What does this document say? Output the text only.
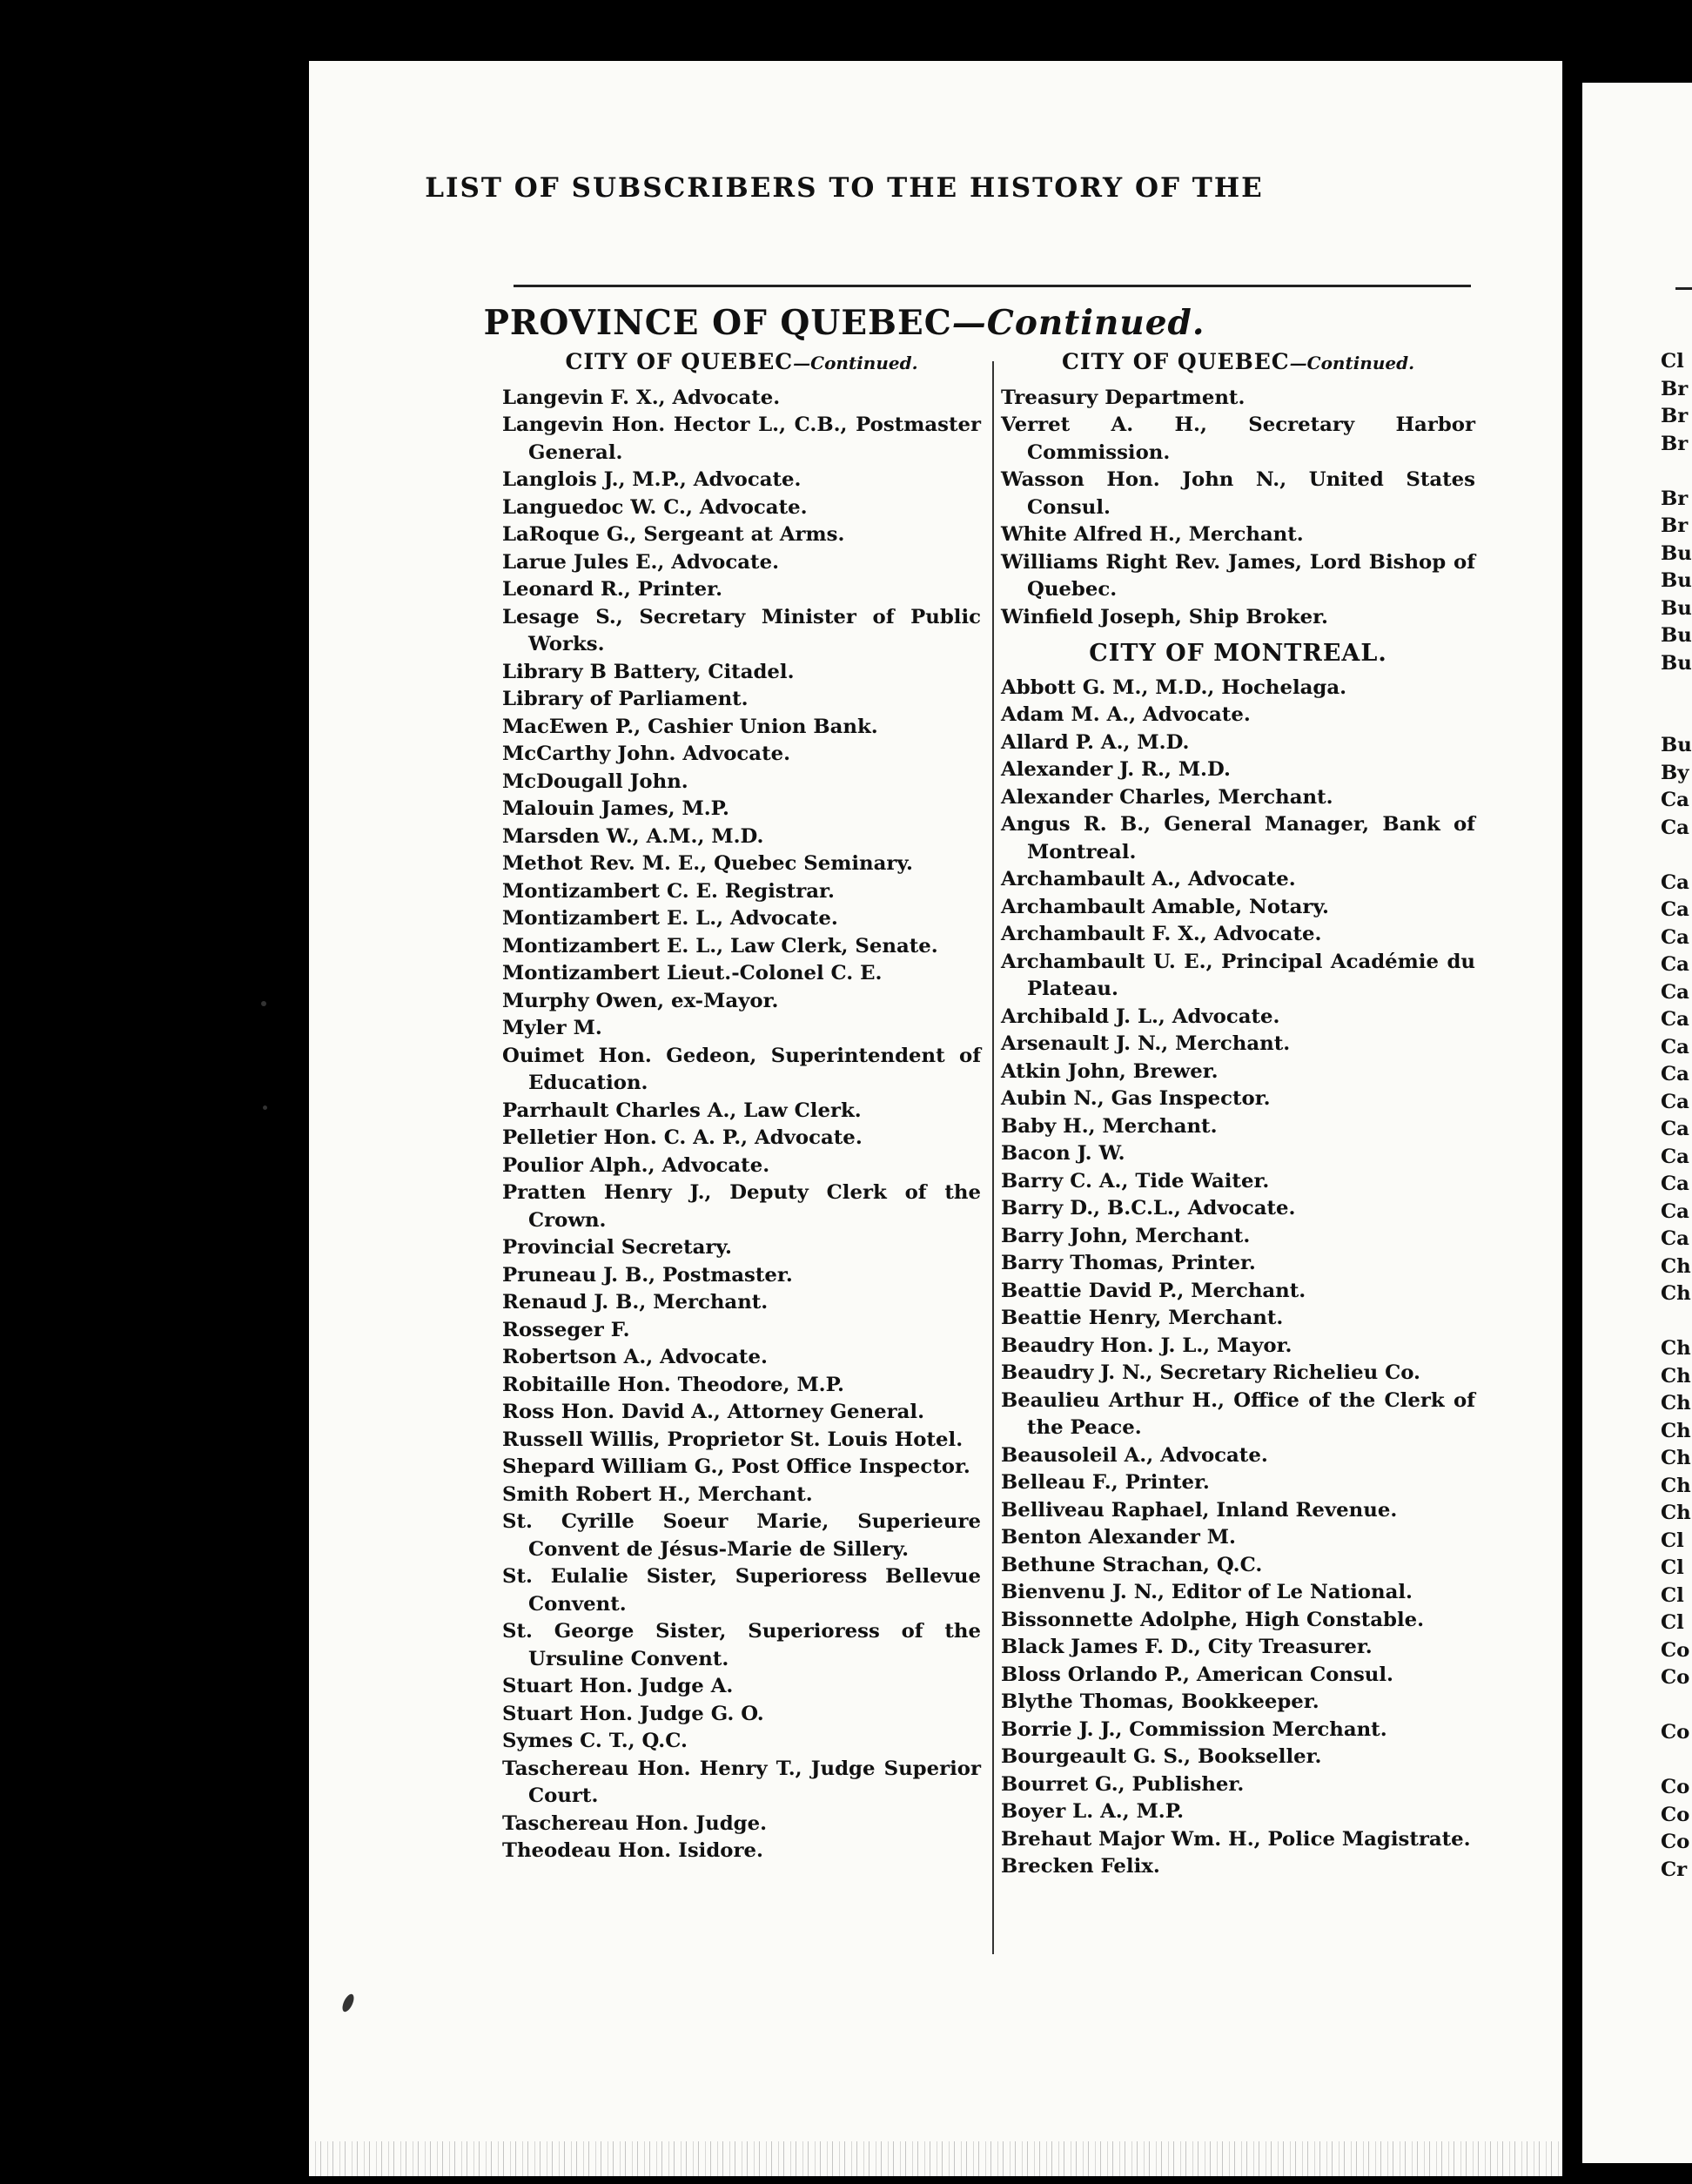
LIST OF SUBSCRIBERS TO THE HISTORY OF THE
PROVINCE OF QUEBEC—Continued.
CITY OF QUEBEC—Continued.
Langevin F. X., Advocate.
Langevin Hon. Hector L., C.B., Postmaster General.
Langlois J., M.P., Advocate.
Languedoc W. C., Advocate.
LaRoque G., Sergeant at Arms.
Larue Jules E., Advocate.
Leonard R., Printer.
Lesage S., Secretary Minister of Public Works.
Library B Battery, Citadel.
Library of Parliament.
MacEwen P., Cashier Union Bank.
McCarthy John. Advocate.
McDougall John.
Malouin James, M.P.
Marsden W., A.M., M.D.
Methot Rev. M. E., Quebec Seminary.
Montizambert C. E. Registrar.
Montizambert E. L., Advocate.
Montizambert E. L., Law Clerk, Senate.
Montizambert Lieut.-Colonel C. E.
Murphy Owen, ex-Mayor.
Myler M.
Ouimet Hon. Gedeon, Superintendent of Education.
Parrhault Charles A., Law Clerk.
Pelletier Hon. C. A. P., Advocate.
Poulior Alph., Advocate.
Pratten Henry J., Deputy Clerk of the Crown.
Provincial Secretary.
Pruneau J. B., Postmaster.
Renaud J. B., Merchant.
Rosseger F.
Robertson A., Advocate.
Robitaille Hon. Theodore, M.P.
Ross Hon. David A., Attorney General.
Russell Willis, Proprietor St. Louis Hotel.
Shepard William G., Post Office Inspector.
Smith Robert H., Merchant.
St. Cyrille Soeur Marie, Superieure Convent de Jésus-Marie de Sillery.
St. Eulalie Sister, Superioress Bellevue Convent.
St. George Sister, Superioress of the Ursuline Convent.
Stuart Hon. Judge A.
Stuart Hon. Judge G. O.
Symes C. T., Q.C.
Taschereau Hon. Henry T., Judge Superior Court.
Taschereau Hon. Judge.
Theodeau Hon. Isidore.
CITY OF QUEBEC—Continued.
Treasury Department.
Verret A. H., Secretary Harbor Commission.
Wasson Hon. John N., United States Consul.
White Alfred H., Merchant.
Williams Right Rev. James, Lord Bishop of Quebec.
Winfield Joseph, Ship Broker.
CITY OF MONTREAL.
Abbott G. M., M.D., Hochelaga.
Adam M. A., Advocate.
Allard P. A., M.D.
Alexander J. R., M.D.
Alexander Charles, Merchant.
Angus R. B., General Manager, Bank of Montreal.
Archambault A., Advocate.
Archambault Amable, Notary.
Archambault F. X., Advocate.
Archambault U. E., Principal Académie du Plateau.
Archibald J. L., Advocate.
Arsenault J. N., Merchant.
Atkin John, Brewer.
Aubin N., Gas Inspector.
Baby H., Merchant.
Bacon J. W.
Barry C. A., Tide Waiter.
Barry D., B.C.L., Advocate.
Barry John, Merchant.
Barry Thomas, Printer.
Beattie David P., Merchant.
Beattie Henry, Merchant.
Beaudry Hon. J. L., Mayor.
Beaudry J. N., Secretary Richelieu Co.
Beaulieu Arthur H., Office of the Clerk of the Peace.
Beausoleil A., Advocate.
Belleau F., Printer.
Belliveau Raphael, Inland Revenue.
Benton Alexander M.
Bethune Strachan, Q.C.
Bienvenu J. N., Editor of Le National.
Bissonnette Adolphe, High Constable.
Black James F. D., City Treasurer.
Bloss Orlando P., American Consul.
Blythe Thomas, Bookkeeper.
Borrie J. J., Commission Merchant.
Bourgeault G. S., Bookseller.
Bourret G., Publisher.
Boyer L. A., M.P.
Brehaut Major Wm. H., Police Magistrate.
Brecken Felix.
Cl
Br
Br
Br

Br
Br
Bu
Bu
Bu
Bu
Bu

Bu
By
Ca
Ca

Ca
Ca
Ca
Ca
Ca
Ca
Ca
Ca
Ca
Ca
Ca
Ca
Ca
Ca
Ch
Ch

Ch
Ch
Ch
Ch
Ch
Ch
Ch
Cl
Cl
Cl
Cl
Co
Co

Co

Co
Co
Co
Cr
